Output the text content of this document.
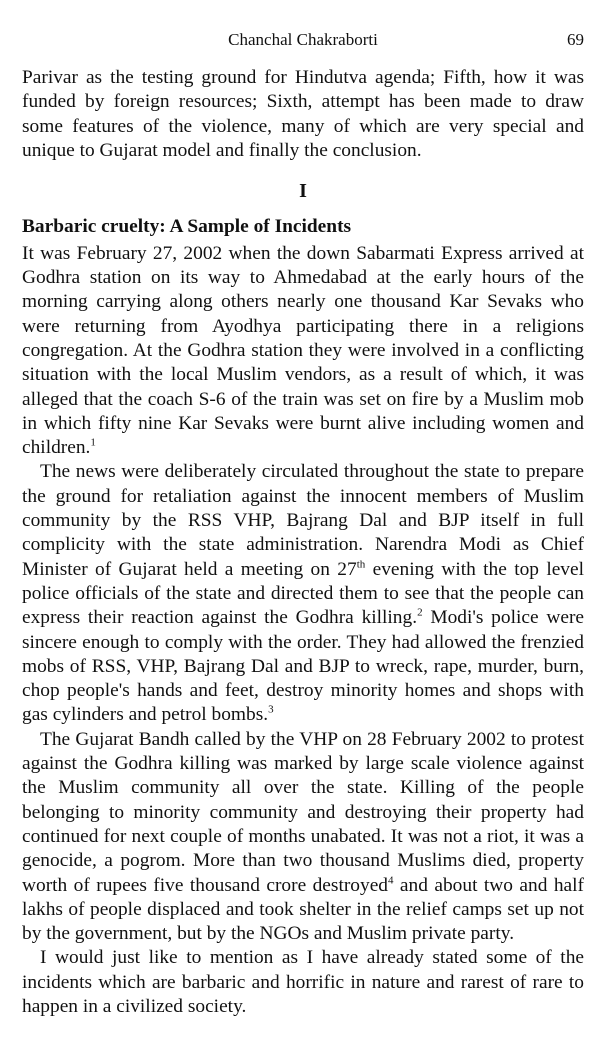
Chanchal Chakraborti	69

Parivar as the testing ground for Hindutva agenda; Fifth, how it was funded by foreign resources; Sixth, attempt has been made to draw some features of the violence, many of which are very special and unique to Gujarat model and finally the conclusion.

I
Barbaric cruelty: A Sample of Incidents

It was February 27, 2002 when the down Sabarmati Express arrived at Godhra station on its way to Ahmedabad at the early hours of the morning carrying along others nearly one thousand Kar Sevaks who were returning from Ayodhya participating there in a religions congregation. At the Godhra station they were involved in a conflicting situation with the local Muslim vendors, as a result of which, it was alleged that the coach S-6 of the train was set on fire by a Muslim mob in which fifty nine Kar Sevaks were burnt alive including women and children.$^1$

The news were deliberately circulated throughout the state to prepare the ground for retaliation against the innocent members of Muslim community by the RSS VHP, Bajrang Dal and BJP itself in full complicity with the state administration. Narendra Modi as Chief Minister of Gujarat held a meeting on 27th evening with the top level police officials of the state and directed them to see that the people can express their reaction against the Godhra killing.$^2$ Modi's police were sincere enough to comply with the order. They had allowed the frenzied mobs of RSS, VHP, Bajrang Dal and BJP to wreck, rape, murder, burn, chop people's hands and feet, destroy minority homes and shops with gas cylinders and petrol bombs.$^3$

The Gujarat Bandh called by the VHP on 28 February 2002 to protest against the Godhra killing was marked by large scale violence against the Muslim community all over the state. Killing of the people belonging to minority community and destroying their property had continued for next couple of months unabated. It was not a riot, it was a genocide, a pogrom. More than two thousand Muslims died, property worth of rupees five thousand crore destroyed$^4$ and about two and half lakhs of people displaced and took shelter in the relief camps set up not by the government, but by the NGOs and Muslim private party.

I would just like to mention as I have already stated some of the incidents which are barbaric and horrific in nature and rarest of rare to happen in a civilized society.
